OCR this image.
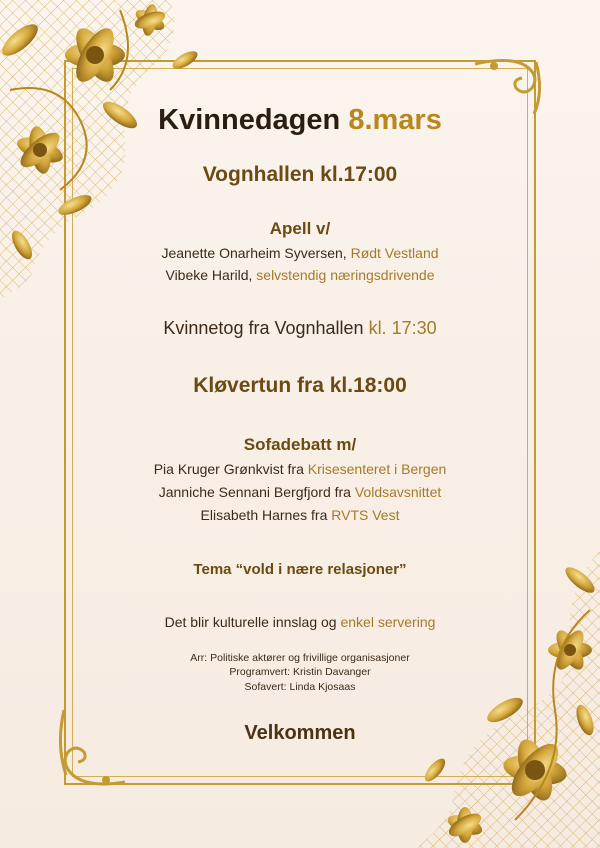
Kvinnedagen 8.mars
Vognhallen kl.17:00
Apell v/
Jeanette Onarheim Syversen, Rødt Vestland
Vibeke Harild, selvstendig næringsdrivende
Kvinnetog fra Vognhallen kl. 17:30
Kløvertun fra kl.18:00
Sofadebatt m/
Pia Kruger Grønkvist fra Krisesenteret i Bergen
Janniche Sennani Bergfjord fra Voldsavsnittet
Elisabeth Harnes fra RVTS Vest
Tema “vold i nære relasjoner”
Det blir kulturelle innslag og enkel servering
Arr: Politiske aktører og frivillige organisasjoner
Programvert: Kristin Davanger
Sofavert: Linda Kjosaas
Velkommen
